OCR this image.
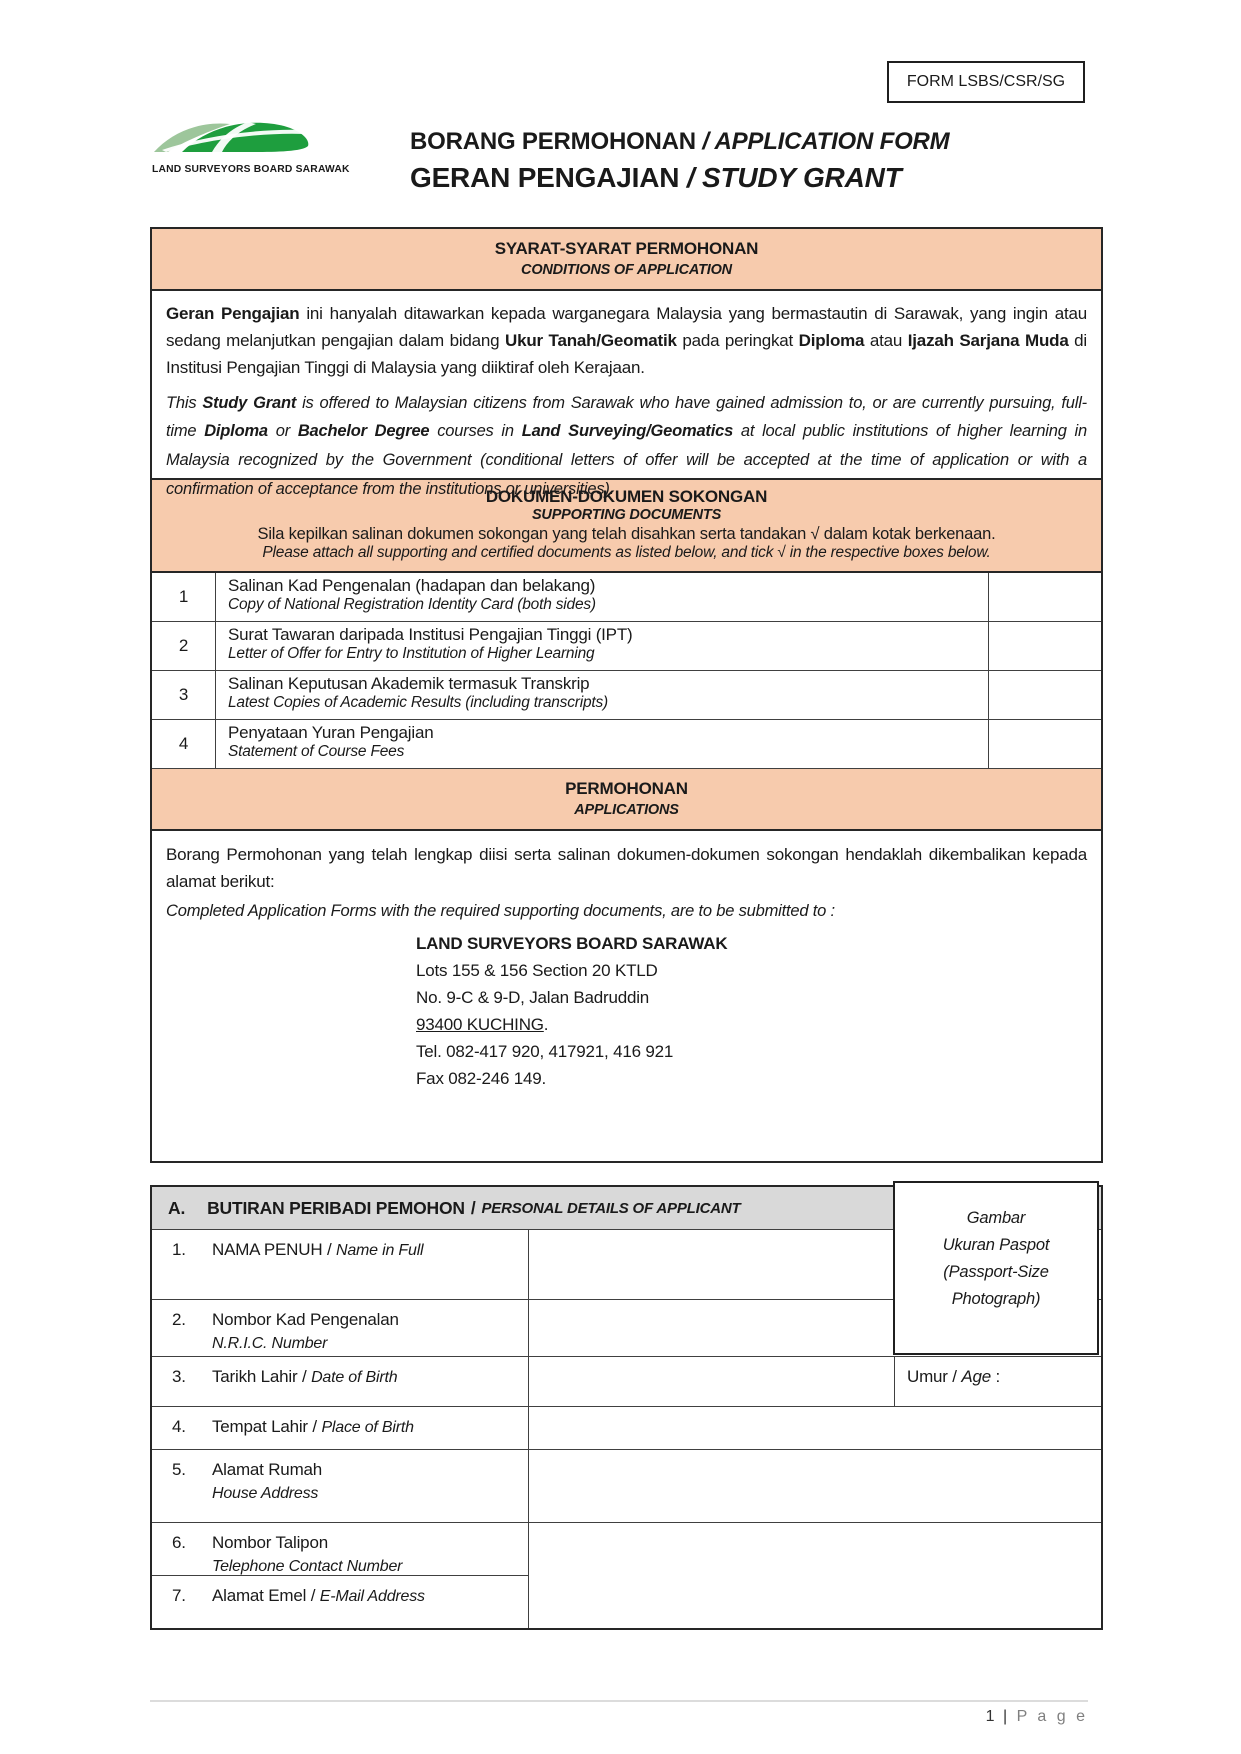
FORM LSBS/CSR/SG
LAND SURVEYORS BOARD SARAWAK
BORANG PERMOHONAN / APPLICATION FORM
GERAN PENGAJIAN / STUDY GRANT
SYARAT-SYARAT PERMOHONAN
CONDITIONS OF APPLICATION

Geran Pengajian ini hanyalah ditawarkan kepada warganegara Malaysia yang bermastautin di Sarawak, yang ingin atau sedang melanjutkan pengajian dalam bidang Ukur Tanah/Geomatik pada peringkat Diploma atau Ijazah Sarjana Muda di Institusi Pengajian Tinggi di Malaysia yang diiktiraf oleh Kerajaan.

This Study Grant is offered to Malaysian citizens from Sarawak who have gained admission to, or are currently pursuing, full-time Diploma or Bachelor Degree courses in Land Surveying/Geomatics at local public institutions of higher learning in Malaysia recognized by the Government (conditional letters of offer will be accepted at the time of application or with a confirmation of acceptance from the institutions or universities).

DOKUMEN-DOKUMEN SOKONGAN
SUPPORTING DOCUMENTS
Sila kepilkan salinan dokumen sokongan yang telah disahkan serta tandakan √ dalam kotak berkenaan.
Please attach all supporting and certified documents as listed below, and tick √ in the respective boxes below.
1
Salinan Kad Pengenalan (hadapan dan belakang)
Copy of National Registration Identity Card (both sides)
2
Surat Tawaran daripada Institusi Pengajian Tinggi (IPT)
Letter of Offer for Entry to Institution of Higher Learning
3
Salinan Keputusan Akademik termasuk Transkrip
Latest Copies of Academic Results (including transcripts)
4
Penyataan Yuran Pengajian
Statement of Course Fees
PERMOHONAN
APPLICATIONS

Borang Permohonan yang telah lengkap diisi serta salinan dokumen-dokumen sokongan hendaklah dikembalikan kepada alamat berikut:

Completed Application Forms with the required supporting documents, are to be submitted to :

LAND SURVEYORS BOARD SARAWAK
Lots 155 & 156 Section 20 KTLD
No. 9-C & 9-D, Jalan Badruddin
93400 KUCHING.
Tel. 082-417 920, 417921, 416 921
Fax 082-246 149.
Gambar
Ukuran Paspot
(Passport-Size
Photograph)
A. BUTIRAN PERIBADI PEMOHON / PERSONAL DETAILS OF APPLICANT
1.	NAMA PENUH / Name in Full
2.	Nombor Kad Pengenalan
N.R.I.C. Number
3.	Tarikh Lahir / Date of Birth	Umur / Age :
4.	Tempat Lahir / Place of Birth
5.	Alamat Rumah
House Address
6.	Nombor Talipon
Telephone Contact Number
7.	Alamat Emel / E-Mail Address
1 | P a g e
